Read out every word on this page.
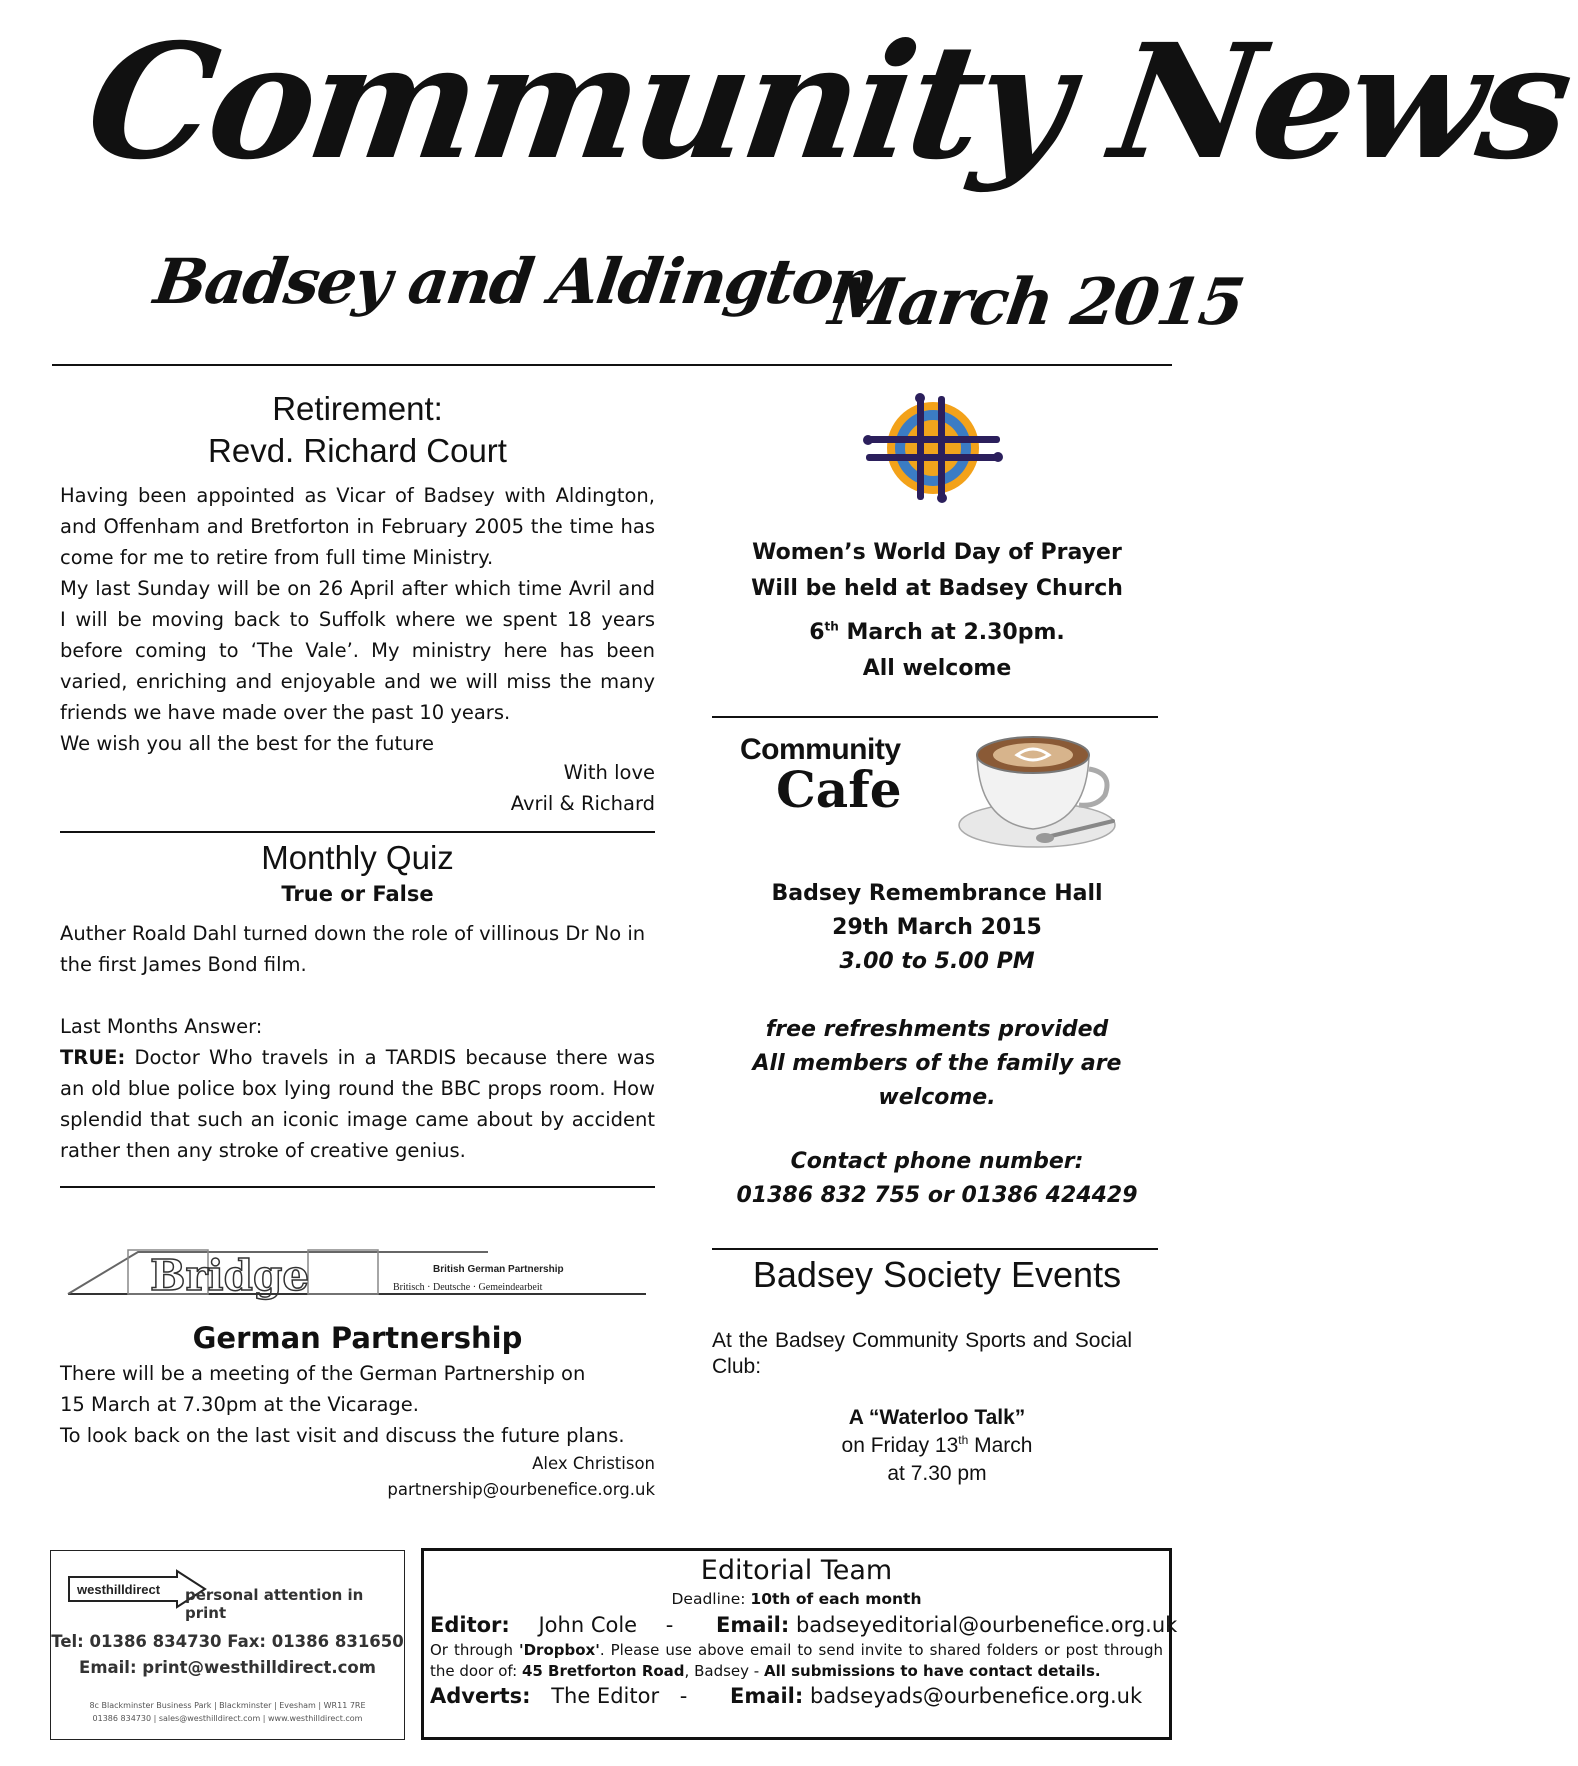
Community News
Badsey and Aldington
March 2015
Retirement:
Revd. Richard Court

Having been appointed as Vicar of Badsey with Aldington, and Offenham and Bretforton in February 2005 the time has come for me to retire from full time Ministry.

My last Sunday will be on 26 April after which time Avril and I will be moving back to Suffolk where we spent 18 years before coming to ‘The Vale’. My ministry here has been varied, enriching and enjoyable and we will miss the many friends we have made over the past 10 years.

We wish you all the best for the future

With love
Avril & Richard
Monthly Quiz
True or False
Auther Roald Dahl turned down the role of villinous Dr No in the first James Bond film.
Last Months Answer:
TRUE: Doctor Who travels in a TARDIS because there was an old blue police box lying round the BBC props room. How splendid that such an iconic image came about by accident rather then any stroke of creative genius.
Bridge	British German Partnership
Britisch · Deutsche · Gemeindearbeit
German Partnership
There will be a meeting of the German Partnership on
15 March at 7.30pm at the Vicarage.
To look back on the last visit and discuss the future plans.
Alex Christison
partnership@ourbenefice.org.uk
Women’s World Day of Prayer
Will be held at Badsey Church
6th March at 2.30pm.
All welcome
Community
Cafe
Badsey Remembrance Hall
29th March 2015
3.00 to 5.00 PM
free refreshments provided
All members of the family are welcome.
Contact phone number:
01386 832 755 or 01386 424429
Badsey Society Events
At the Badsey Community Sports and Social Club:
A “Waterloo Talk”
on Friday 13th March
at 7.30 pm
westhilldirect personal attention in print
Tel: 01386 834730 Fax: 01386 831650
Email: print@westhilldirect.com
8c Blackminster Business Park | Blackminster | Evesham | WR11 7RE
01386 834730 | sales@westhilldirect.com | www.westhilldirect.com
Editorial Team
Deadline: 10th of each month
Editor: John Cole - Email: badseyeditorial@ourbenefice.org.uk
Or through 'Dropbox'. Please use above email to send invite to shared folders or post through the door of: 45 Bretforton Road, Badsey - All submissions to have contact details.
Adverts: The Editor - Email: badseyads@ourbenefice.org.uk
